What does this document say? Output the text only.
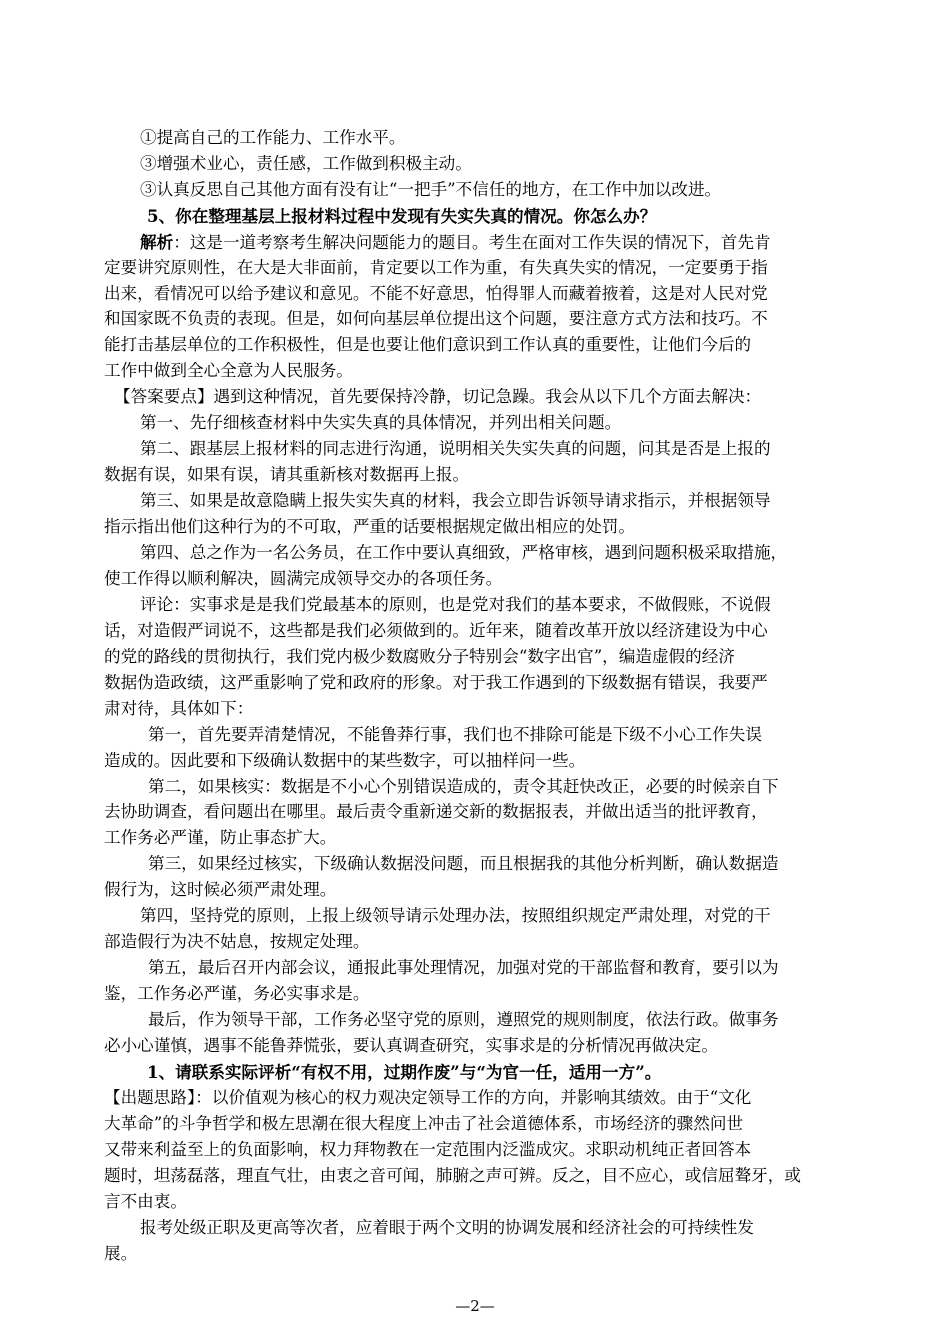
①提高自己的工作能力、工作水平。
③增强术业心，责任感，工作做到积极主动。
③认真反思自己其他方面有没有让“一把手”不信任的地方，在工作中加以改进。
5、你在整理基层上报材料过程中发现有失实失真的情况。你怎么办？
解析：这是一道考察考生解决问题能力的题目。考生在面对工作失误的情况下，首先肯
定要讲究原则性，在大是大非面前，肯定要以工作为重，有失真失实的情况，一定要勇于指
出来，看情况可以给予建议和意见。不能不好意思，怕得罪人而藏着掖着，这是对人民对党
和国家既不负责的表现。但是，如何向基层单位提出这个问题，要注意方式方法和技巧。不
能打击基层单位的工作积极性，但是也要让他们意识到工作认真的重要性，让他们今后的
工作中做到全心全意为人民服务。
【答案要点】遇到这种情况，首先要保持冷静，切记急躁。我会从以下几个方面去解决：
第一、先仔细核查材料中失实失真的具体情况，并列出相关问题。
第二、跟基层上报材料的同志进行沟通，说明相关失实失真的问题，问其是否是上报的
数据有误，如果有误，请其重新核对数据再上报。
第三、如果是故意隐瞒上报失实失真的材料，我会立即告诉领导请求指示，并根据领导
指示指出他们这种行为的不可取，严重的话要根据规定做出相应的处罚。
第四、总之作为一名公务员，在工作中要认真细致，严格审核，遇到问题积极采取措施，
使工作得以顺利解决，圆满完成领导交办的各项任务。
评论：实事求是是我们党最基本的原则，也是党对我们的基本要求，不做假账，不说假
话，对造假严词说不，这些都是我们必须做到的。近年来，随着改革开放以经济建设为中心
的党的路线的贯彻执行，我们党内极少数腐败分子特别会“数字出官”，编造虚假的经济
数据伪造政绩，这严重影响了党和政府的形象。对于我工作遇到的下级数据有错误，我要严
肃对待，具体如下：
第一，首先要弄清楚情况，不能鲁莽行事，我们也不排除可能是下级不小心工作失误
造成的。因此要和下级确认数据中的某些数字，可以抽样问一些。
第二，如果核实：数据是不小心个别错误造成的，责令其赶快改正，必要的时候亲自下
去协助调查，看问题出在哪里。最后责令重新递交新的数据报表，并做出适当的批评教育，
工作务必严谨，防止事态扩大。
第三，如果经过核实，下级确认数据没问题，而且根据我的其他分析判断，确认数据造
假行为，这时候必须严肃处理。
第四，坚持党的原则，上报上级领导请示处理办法，按照组织规定严肃处理，对党的干
部造假行为决不姑息，按规定处理。
第五，最后召开内部会议，通报此事处理情况，加强对党的干部监督和教育，要引以为
鉴，工作务必严谨，务必实事求是。
最后，作为领导干部，工作务必坚守党的原则，遵照党的规则制度，依法行政。做事务
必小心谨慎，遇事不能鲁莽慌张，要认真调查研究，实事求是的分析情况再做决定。
1、请联系实际评析“有权不用，过期作废”与“为官一任，适用一方”。
【出题思路】：以价值观为核心的权力观决定领导工作的方向，并影响其绩效。由于“文化
大革命”的斗争哲学和极左思潮在很大程度上冲击了社会道德体系，市场经济的骤然问世
又带来利益至上的负面影响，权力拜物教在一定范围内泛滥成灾。求职动机纯正者回答本
题时，坦荡磊落，理直气壮，由衷之音可闻，肺腑之声可辨。反之，目不应心，或信屈聱牙，或
言不由衷。
报考处级正职及更高等次者，应着眼于两个文明的协调发展和经济社会的可持续性发
展。
—2—
